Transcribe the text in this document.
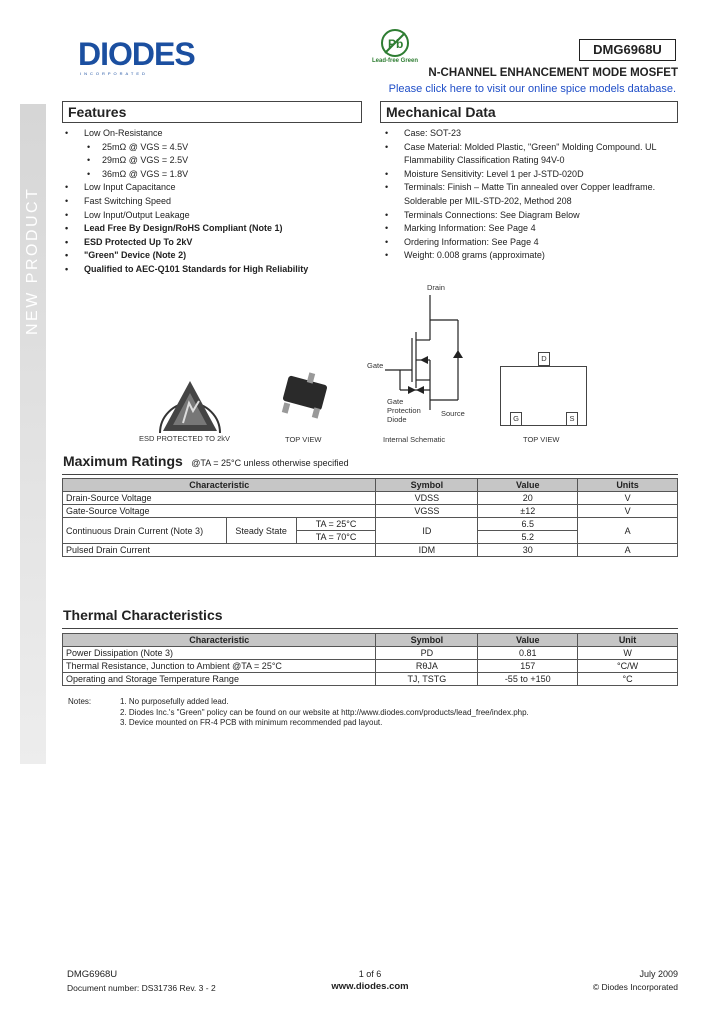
DIODES
INCORPORATED
Pb
Lead-free Green
DMG6968U
N-CHANNEL ENHANCEMENT MODE MOSFET
Please click here to visit our online spice models database.
Features
• Low On-Resistance
• 25mΩ @ VGS = 4.5V
• 29mΩ @ VGS = 2.5V
• 36mΩ @ VGS = 1.8V
• Low Input Capacitance
• Fast Switching Speed
• Low Input/Output Leakage
• Lead Free By Design/RoHS Compliant (Note 1)
• ESD Protected Up To 2kV
• "Green" Device (Note 2)
• Qualified to AEC-Q101 Standards for High Reliability
Mechanical Data
• Case: SOT-23
• Case Material: Molded Plastic, "Green" Molding Compound. UL Flammability Classification Rating 94V-0
• Moisture Sensitivity: Level 1 per J-STD-020D
• Terminals: Finish – Matte Tin annealed over Copper leadframe. Solderable per MIL-STD-202, Method 208
• Terminals Connections: See Diagram Below
• Marking Information: See Page 4
• Ordering Information: See Page 4
• Weight: 0.008 grams (approximate)
ESD PROTECTED TO 2kV	TOP VIEW
Drain
Gate
Gate
Protection
Diode
Source
Internal Schematic
D
G	S
TOP VIEW
Maximum Ratings @TA = 25°C unless otherwise specified
Characteristic			Symbol	Value	Units
Drain-Source Voltage			VDSS	20	V
Gate-Source Voltage			VGSS	±12	V
Continuous Drain Current (Note 3)	Steady State	TA = 25°C	ID	6.5	A
		TA = 70°C		5.2	
Pulsed Drain Current			IDM	30	A
Thermal Characteristics
Characteristic	Symbol	Value	Unit
Power Dissipation (Note 3)	PD	0.81	W
Thermal Resistance, Junction to Ambient @TA = 25°C	RθJA	157	°C/W
Operating and Storage Temperature Range	TJ, TSTG	-55 to +150	°C
Notes:	1. No purposefully added lead.
2. Diodes Inc.'s "Green" policy can be found on our website at http://www.diodes.com/products/lead_free/index.php.
3. Device mounted on FR-4 PCB with minimum recommended pad layout.
DMG6968U
Document number: DS31736 Rev. 3 - 2
1 of 6
www.diodes.com
July 2009
© Diodes Incorporated
